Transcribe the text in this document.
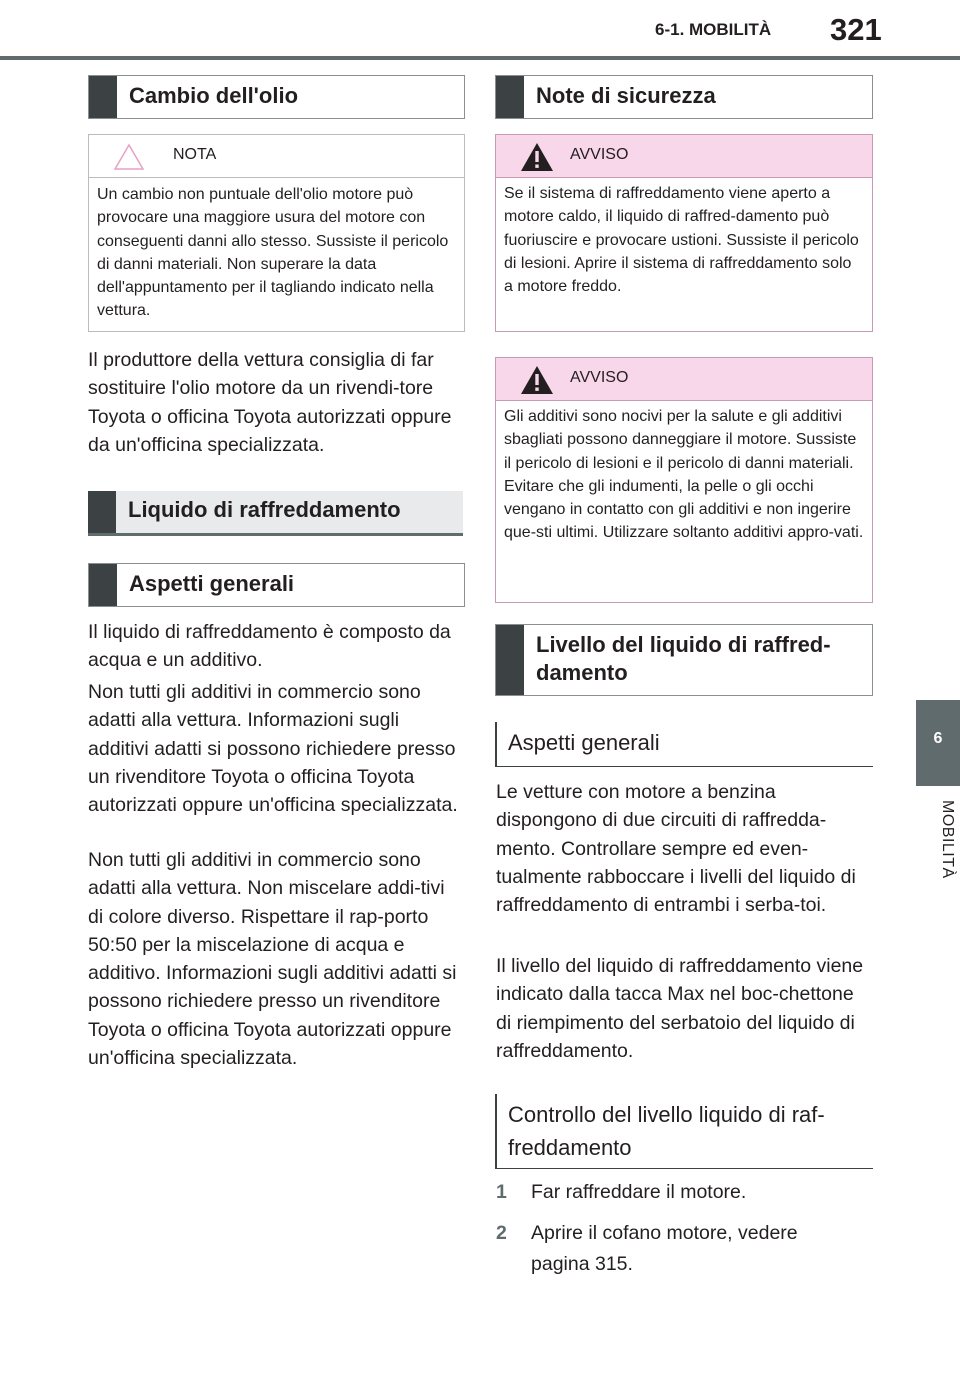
6-1. MOBILITÀ 321
6
MOBILITÀ
Cambio dell'olio
NOTA
Un cambio non puntuale dell'olio motore può provocare una maggiore usura del motore con conseguenti danni allo stesso. Sussiste il pericolo di danni materiali. Non superare la data dell'appuntamento per il tagliando indicato nella vettura.
Il produttore della vettura consiglia di far sostituire l'olio motore da un rivendi-tore Toyota o officina Toyota autorizzati oppure da un'officina specializzata.
Liquido di raffreddamento
Aspetti generali
Il liquido di raffreddamento è composto da acqua e un additivo.
Non tutti gli additivi in commercio sono adatti alla vettura. Informazioni sugli additivi adatti si possono richiedere presso un rivenditore Toyota o officina Toyota autorizzati oppure un'officina specializzata.
Non tutti gli additivi in commercio sono adatti alla vettura. Non miscelare addi-tivi di colore diverso. Rispettare il rap-porto 50:50 per la miscelazione di acqua e additivo. Informazioni sugli additivi adatti si possono richiedere presso un rivenditore Toyota o officina Toyota autorizzati oppure un'officina specializzata.
Note di sicurezza
AVVISO
Se il sistema di raffreddamento viene aperto a motore caldo, il liquido di raffred-damento può fuoriuscire e provocare ustioni. Sussiste il pericolo di lesioni. Aprire il sistema di raffreddamento solo a motore freddo.
AVVISO
Gli additivi sono nocivi per la salute e gli additivi sbagliati possono danneggiare il motore. Sussiste il pericolo di lesioni e il pericolo di danni materiali. Evitare che gli indumenti, la pelle o gli occhi vengano in contatto con gli additivi e non ingerire que-sti ultimi. Utilizzare soltanto additivi appro-vati.
Livello del liquido di raffred-damento
Aspetti generali
Le vetture con motore a benzina dispongono di due circuiti di raffredda-mento. Controllare sempre ed even-tualmente rabboccare i livelli del liquido di raffreddamento di entrambi i serba-toi.
Il livello del liquido di raffreddamento viene indicato dalla tacca Max nel boc-chettone di riempimento del serbatoio del liquido di raffreddamento.
Controllo del livello liquido di raf-freddamento
1 Far raffreddare il motore.
2 Aprire il cofano motore, vedere pagina 315.
